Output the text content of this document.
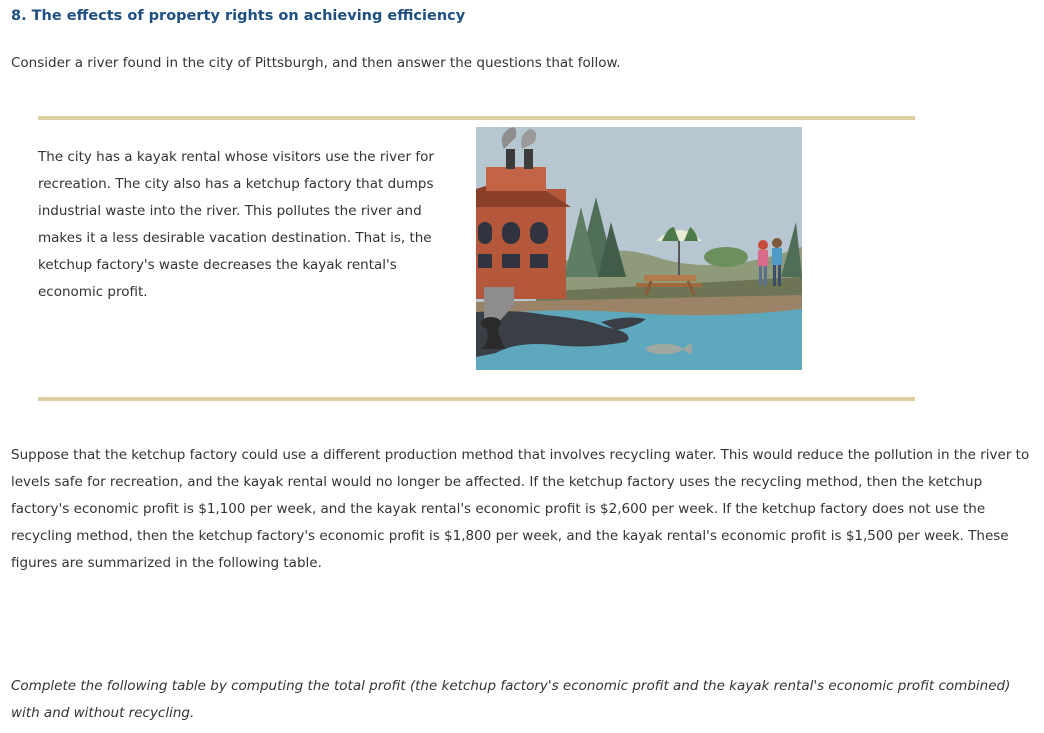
8. The effects of property rights on achieving efficiency

Consider a river found in the city of Pittsburgh, and then answer the questions that follow.

The city has a kayak rental whose visitors use the river for recreation. The city also has a ketchup factory that dumps industrial waste into the river. This pollutes the river and makes it a less desirable vacation destination. That is, the ketchup factory's waste decreases the kayak rental's economic profit.

Suppose that the ketchup factory could use a different production method that involves recycling water. This would reduce the pollution in the river to levels safe for recreation, and the kayak rental would no longer be affected. If the ketchup factory uses the recycling method, then the ketchup factory's economic profit is $1,100 per week, and the kayak rental's economic profit is $2,600 per week. If the ketchup factory does not use the recycling method, then the ketchup factory's economic profit is $1,800 per week, and the kayak rental's economic profit is $1,500 per week. These figures are summarized in the following table.

Complete the following table by computing the total profit (the ketchup factory's economic profit and the kayak rental's economic profit combined) with and without recycling.
